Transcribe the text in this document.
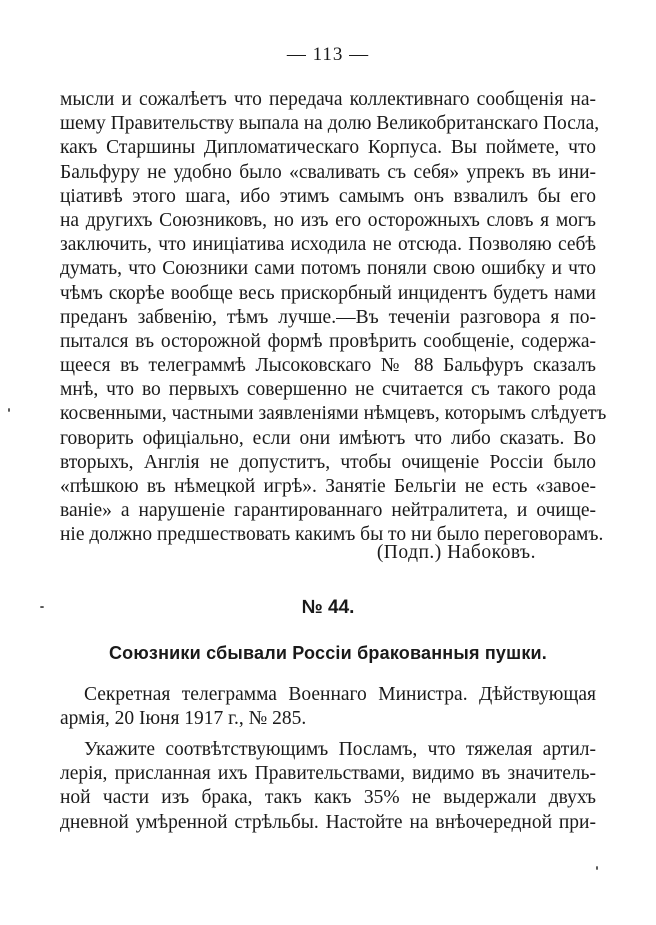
— 113 —

мысли и сожалѣетъ что передача коллективнаго сообщенія на-
шему Правительству выпала на долю Великобританскаго Посла,
какъ Старшины Дипломатическаго Корпуса. Вы поймете, что
Бальфуру не удобно было «сваливать съ себя» упрекъ въ ини-
ціативѣ этого шага, ибо этимъ самымъ онъ взвалилъ бы его
на другихъ Союзниковъ, но изъ его осторожныхъ словъ я могъ
заключить, что иниціатива исходила не отсюда. Позволяю себѣ
думать, что Союзники сами потомъ поняли свою ошибку и что
чѣмъ скорѣе вообще весь прискорбный инцидентъ будетъ нами
преданъ забвенію, тѣмъ лучше.—Въ теченіи разговора я по-
пытался въ осторожной формѣ провѣрить сообщеніе, содержа-
щееся въ телеграммѣ Лысоковскаго № 88 Бальфуръ сказалъ
мнѣ, что во первыхъ совершенно не считается съ такого рода
косвенными, частными заявленіями нѣмцевъ, которымъ слѣдуетъ
говорить офиціально, если они имѣютъ что либо сказать. Во
вторыхъ, Англія не допуститъ, чтобы очищеніе Россіи было
«пѣшкою въ нѣмецкой игрѣ». Занятіе Бельгіи не есть «завое-
ваніе» а нарушеніе гарантированнаго нейтралитета, и очище-
ніе должно предшествовать какимъ бы то ни было переговорамъ.

(Подп.) Набоковъ.
№ 44.
Союзники сбывали Россіи бракованныя пушки.

Секретная телеграмма Военнаго Министра. Дѣйствующая
армія, 20 Іюня 1917 г., № 285.

Укажите соотвѣтствующимъ Посламъ, что тяжелая артил-
лерія, присланная ихъ Правительствами, видимо въ значитель-
ной части изъ брака, такъ какъ 35% не выдержали двухъ
дневной умѣренной стрѣльбы. Настойте на внѣочередной при-
